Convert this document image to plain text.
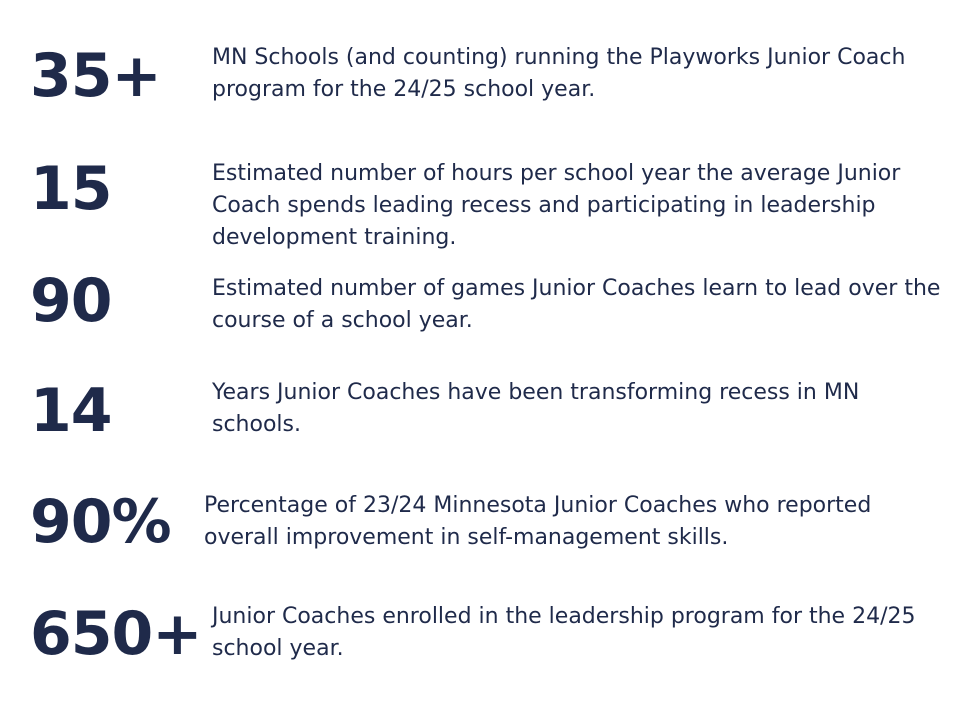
35+ MN Schools (and counting) running the Playworks Junior Coach program for the 24/25 school year.
15	Estimated number of hours per school year the average Junior Coach spends leading recess and participating in leadership development training.
90	Estimated number of games Junior Coaches learn to lead over the course of a school year.
14	Years Junior Coaches have been transforming recess in MN schools.
90% Percentage of 23/24 Minnesota Junior Coaches who reported overall improvement in self-management skills.
650+ Junior Coaches enrolled in the leadership program for the 24/25 school year.
